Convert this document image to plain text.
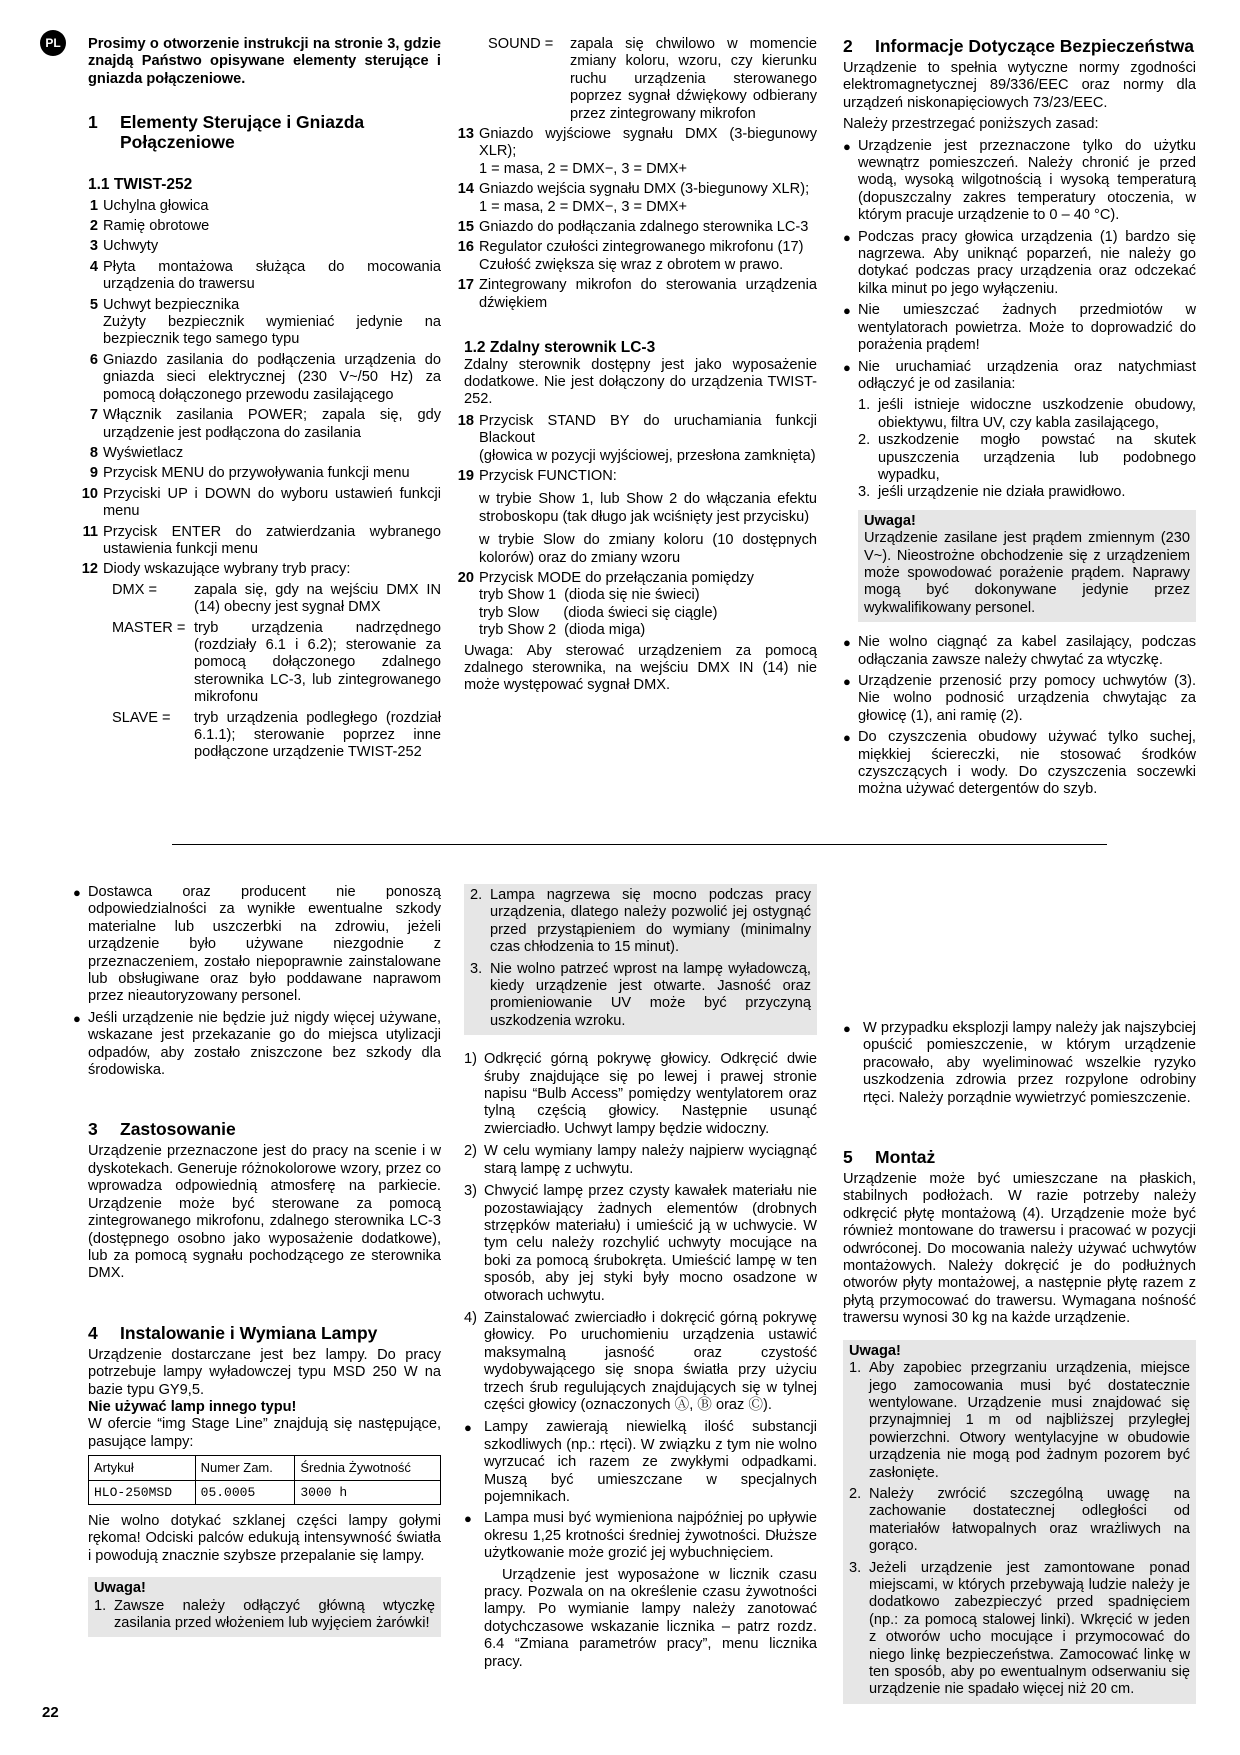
PL	Prosimy o otworzenie instrukcji na stronie 3, gdzie znajdą Państwo opisywane elementy sterujące i gniazda połączeniowe.

1	Elementy Sterujące i Gniazda Połączeniowe
1.1 TWIST-252
1 Uchylna głowica
2 Ramię obrotowe
3 Uchwyty
4 Płyta montażowa służąca do mocowania urządzenia do trawersu
5 Uchwyt bezpiecznika
Zużyty bezpiecznik wymieniać jedynie na bezpiecznik tego samego typu
6 Gniazdo zasilania do podłączenia urządzenia do gniazda sieci elektrycznej (230 V~/50 Hz) za pomocą dołączonego przewodu zasilającego
7 Włącznik zasilania POWER; zapala się, gdy urządzenie jest podłączona do zasilania
8 Wyświetlacz
9 Przycisk MENU do przywoływania funkcji menu
10 Przyciski UP i DOWN do wyboru ustawień funkcji menu
11 Przycisk ENTER do zatwierdzania wybranego ustawienia funkcji menu
12 Diody wskazujące wybrany tryb pracy:
DMX =	zapala się, gdy na wejściu DMX IN (14) obecny jest sygnał DMX
MASTER = tryb urządzenia nadrzędnego (rozdziały 6.1 i 6.2); sterowanie za pomocą dołączonego zdalnego sterownika LC-3, lub zintegrowanego mikrofonu
SLAVE =	tryb urządzenia podległego (rozdział 6.1.1); sterowanie poprzez inne podłączone urządzenie TWIST-252
SOUND =	zapala się chwilowo w momencie zmiany koloru, wzoru, czy kierunku ruchu urządzenia sterowanego poprzez sygnał dźwiękowy odbierany przez zintegrowany mikrofon
13 Gniazdo wyjściowe sygnału DMX (3-biegunowy XLR);
1 = masa, 2 = DMX−, 3 = DMX+
14 Gniazdo wejścia sygnału DMX (3-biegunowy XLR);
1 = masa, 2 = DMX−, 3 = DMX+
15 Gniazdo do podłączania zdalnego sterownika LC-3
16 Regulator czułości zintegrowanego mikrofonu (17)
Czułość zwiększa się wraz z obrotem w prawo.
17 Zintegrowany mikrofon do sterowania urządzenia dźwiękiem
1.2 Zdalny sterownik LC-3

Zdalny sterownik dostępny jest jako wyposażenie dodatkowe. Nie jest dołączony do urządzenia TWIST-252.

18 Przycisk STAND BY do uruchamiania funkcji Blackout
(głowica w pozycji wyjściowej, przesłona zamknięta)
19 Przycisk FUNCTION:
w trybie Show 1, lub Show 2 do włączania efektu stroboskopu (tak długo jak wciśnięty jest przycisku)
w trybie Slow do zmiany koloru (10 dostępnych kolorów) oraz do zmiany wzoru
20 Przycisk MODE do przełączania pomiędzy
tryb Show 1  (dioda się nie świeci)
tryb Slow      (dioda świeci się ciągle)
tryb Show 2  (dioda miga)

Uwaga: Aby sterować urządzeniem za pomocą zdalnego sterownika, na wejściu DMX IN (14) nie może występować sygnał DMX.

2	Informacje Dotyczące Bezpieczeństwa

Urządzenie to spełnia wytyczne normy zgodności elektromagnetycznej 89/336/EEC oraz normy dla urządzeń niskonapięciowych 73/23/EEC.

Należy przestrzegać poniższych zasad:

● Urządzenie jest przeznaczone tylko do użytku wewnątrz pomieszczeń. Należy chronić je przed wodą, wysoką wilgotnością i wysoką temperaturą (dopuszczalny zakres temperatury otoczenia, w którym pracuje urządzenie to 0 – 40 °C).
● Podczas pracy głowica urządzenia (1) bardzo się nagrzewa. Aby uniknąć poparzeń, nie należy go dotykać podczas pracy urządzenia oraz odczekać kilka minut po jego wyłączeniu.
● Nie umieszczać żadnych przedmiotów w wentylatorach powietrza. Może to doprowadzić do porażenia prądem!
● Nie uruchamiać urządzenia oraz natychmiast odłączyć je od zasilania:
1. jeśli istnieje widoczne uszkodzenie obudowy, obiektywu, filtra UV, czy kabla zasilającego,
2. uszkodzenie mogło powstać na skutek upuszczenia urządzenia lub podobnego wypadku,
3. jeśli urządzenie nie działa prawidłowo.

Uwaga!

Urządzenie zasilane jest prądem zmiennym (230 V~). Nieostrożne obchodzenie się z urządzeniem może spowodować porażenie prądem. Naprawy mogą być dokonywane jedynie przez wykwalifikowany personel.

● Nie wolno ciągnąć za kabel zasilający, podczas odłączania zawsze należy chwytać za wtyczkę.
● Urządzenie przenosić przy pomocy uchwytów (3). Nie wolno podnosić urządzenia chwytając za głowicę (1), ani ramię (2).
● Do czyszczenia obudowy używać tylko suchej, miękkiej ściereczki, nie stosować środków czyszczących i wody. Do czyszczenia soczewki można używać detergentów do szyb.
● Dostawca oraz producent nie ponoszą odpowiedzialności za wynikłe ewentualne szkody materialne lub uszczerbki na zdrowiu, jeżeli urządzenie było używane niezgodnie z przeznaczeniem, zostało niepoprawnie zainstalowane lub obsługiwane oraz było poddawane naprawom przez nieautoryzowany personel.
● Jeśli urządzenie nie będzie już nigdy więcej używane, wskazane jest przekazanie go do miejsca utylizacji odpadów, aby zostało zniszczone bez szkody dla środowiska.
3	Zastosowanie

Urządzenie przeznaczone jest do pracy na scenie i w dyskotekach. Generuje różnokolorowe wzory, przez co wprowadza odpowiednią atmosferę na parkiecie. Urządzenie może być sterowane za pomocą zintegrowanego mikrofonu, zdalnego sterownika LC-3 (dostępnego osobno jako wyposażenie dodatkowe), lub za pomocą sygnału pochodzącego ze sterownika DMX.

4	Instalowanie i Wymiana Lampy

Urządzenie dostarczane jest bez lampy. Do pracy potrzebuje lampy wyładowczej typu MSD 250 W na bazie typu GY9,5.

Nie używać lamp innego typu!

W ofercie “img Stage Line” znajdują się następujące, pasujące lampy:

Artykuł	Numer Zam.	Średnia Żywotność
HLO-250MSD	05.0005	3000 h

Nie wolno dotykać szklanej części lampy gołymi rękoma! Odciski palców edukują intensywność światła i powodują znacznie szybsze przepalanie się lampy.

Uwaga!

1. Zawsze należy odłączyć główną wtyczkę zasilania przed włożeniem lub wyjęciem żarówki!
2. Lampa nagrzewa się mocno podczas pracy urządzenia, dlatego należy pozwolić jej ostygnąć przed przystąpieniem do wymiany (minimalny czas chłodzenia to 15 minut).
3. Nie wolno patrzeć wprost na lampę wyładowczą, kiedy urządzenie jest otwarte. Jasność oraz promieniowanie UV może być przyczyną uszkodzenia wzroku.
1) Odkręcić górną pokrywę głowicy. Odkręcić dwie śruby znajdujące się po lewej i prawej stronie napisu “Bulb Access” pomiędzy wentylatorem oraz tylną częścią głowicy. Następnie usunąć zwierciadło. Uchwyt lampy będzie widoczny.
2) W celu wymiany lampy należy najpierw wyciągnąć starą lampę z uchwytu.
3) Chwycić lampę przez czysty kawałek materiału nie pozostawiający żadnych elementów (drobnych strzępków materiału) i umieścić ją w uchwycie. W tym celu należy rozchylić uchwyty mocujące na boki za pomocą śrubokręta. Umieścić lampę w ten sposób, aby jej styki były mocno osadzone w otworach uchwytu.
4) Zainstalować zwierciadło i dokręcić górną pokrywę głowicy. Po uruchomieniu urządzenia ustawić maksymalną jasność oraz czystość wydobywającego się snopa światła przy użyciu trzech śrub regulujących znajdujących się w tylnej części głowicy (oznaczonych Ⓐ, Ⓑ oraz Ⓒ).
● Lampy zawierają niewielką ilość substancji szkodliwych (np.: rtęci). W związku z tym nie wolno wyrzucać ich razem ze zwykłymi odpadkami. Muszą być umieszczane w specjalnych pojemnikach.
● Lampa musi być wymieniona najpóźniej po upływie okresu 1,25 krotności średniej żywotności. Dłuższe użytkowanie może grozić jej wybuchnięciem.

Urządzenie jest wyposażone w licznik czasu pracy. Pozwala on na określenie czasu żywotności lampy. Po wymianie lampy należy zanotować dotychczasowe wskazanie licznika – patrz rozdz. 6.4 “Zmiana parametrów pracy”, menu licznika pracy.

● W przypadku eksplozji lampy należy jak najszybciej opuścić pomieszczenie, w którym urządzenie pracowało, aby wyeliminować wszelkie ryzyko uszkodzenia zdrowia przez rozpylone odrobiny rtęci. Należy porządnie wywietrzyć pomieszczenie.
5	Montaż

Urządzenie może być umieszczane na płaskich, stabilnych podłożach. W razie potrzeby należy odkręcić płytę montażową (4). Urządzenie może być również montowane do trawersu i pracować w pozycji odwróconej. Do mocowania należy używać uchwytów montażowych. Należy dokręcić je do podłużnych otworów płyty montażowej, a następnie płytę razem z płytą przymocować do trawersu. Wymagana nośność trawersu wynosi 30 kg na każde urządzenie.

Uwaga!

1. Aby zapobiec przegrzaniu urządzenia, miejsce jego zamocowania musi być dostatecznie wentylowane. Urządzenie musi znajdować się przynajmniej 1 m od najbliższej przyległej powierzchni. Otwory wentylacyjne w obudowie urządzenia nie mogą pod żadnym pozorem być zasłonięte.
2. Należy zwrócić szczególną uwagę na zachowanie dostatecznej odległości od materiałów łatwopalnych oraz wrażliwych na gorąco.
3. Jeżeli urządzenie jest zamontowane ponad miejscami, w których przebywają ludzie należy je dodatkowo zabezpieczyć przed spadnięciem (np.: za pomocą stalowej linki). Wkręcić w jeden z otworów ucho mocujące i przymocować do niego linkę bezpieczeństwa. Zamocować linkę w ten sposób, aby po ewentualnym odserwaniu się urządzenie nie spadało więcej niż 20 cm.
22
